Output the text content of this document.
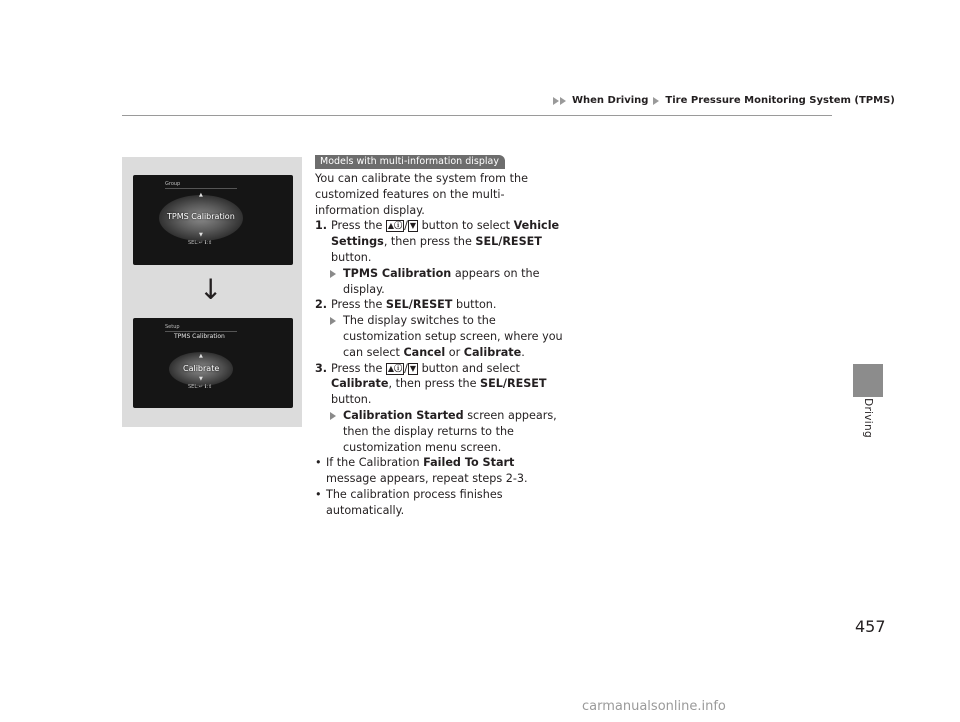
When Driving Tire Pressure Monitoring System (TPMS)
Driving
Group
▲
TPMS Calibration
▼
SEL:↵ ℹ:⇕
↓
Setup
TPMS Calibration
▲
Calibrate
▼
SEL:↵ ℹ:⇕
Models with multi-information display

You can calibrate the system from the customized features on the multi-information display.

1. Press the ▲ⓘ / ▼ button to select Vehicle Settings, then press the SEL/RESET button.

TPMS Calibration appears on the display.

2. Press the SEL/RESET button.

The display switches to the customization setup screen, where you can select Cancel or Calibrate.

3. Press the ▲ⓘ / ▼ button and select Calibrate, then press the SEL/RESET button.

Calibration Started screen appears, then the display returns to the customization menu screen.

• If the Calibration Failed To Start message appears, repeat steps 2-3.

• The calibration process finishes automatically.

457
carmanualsonline.info
